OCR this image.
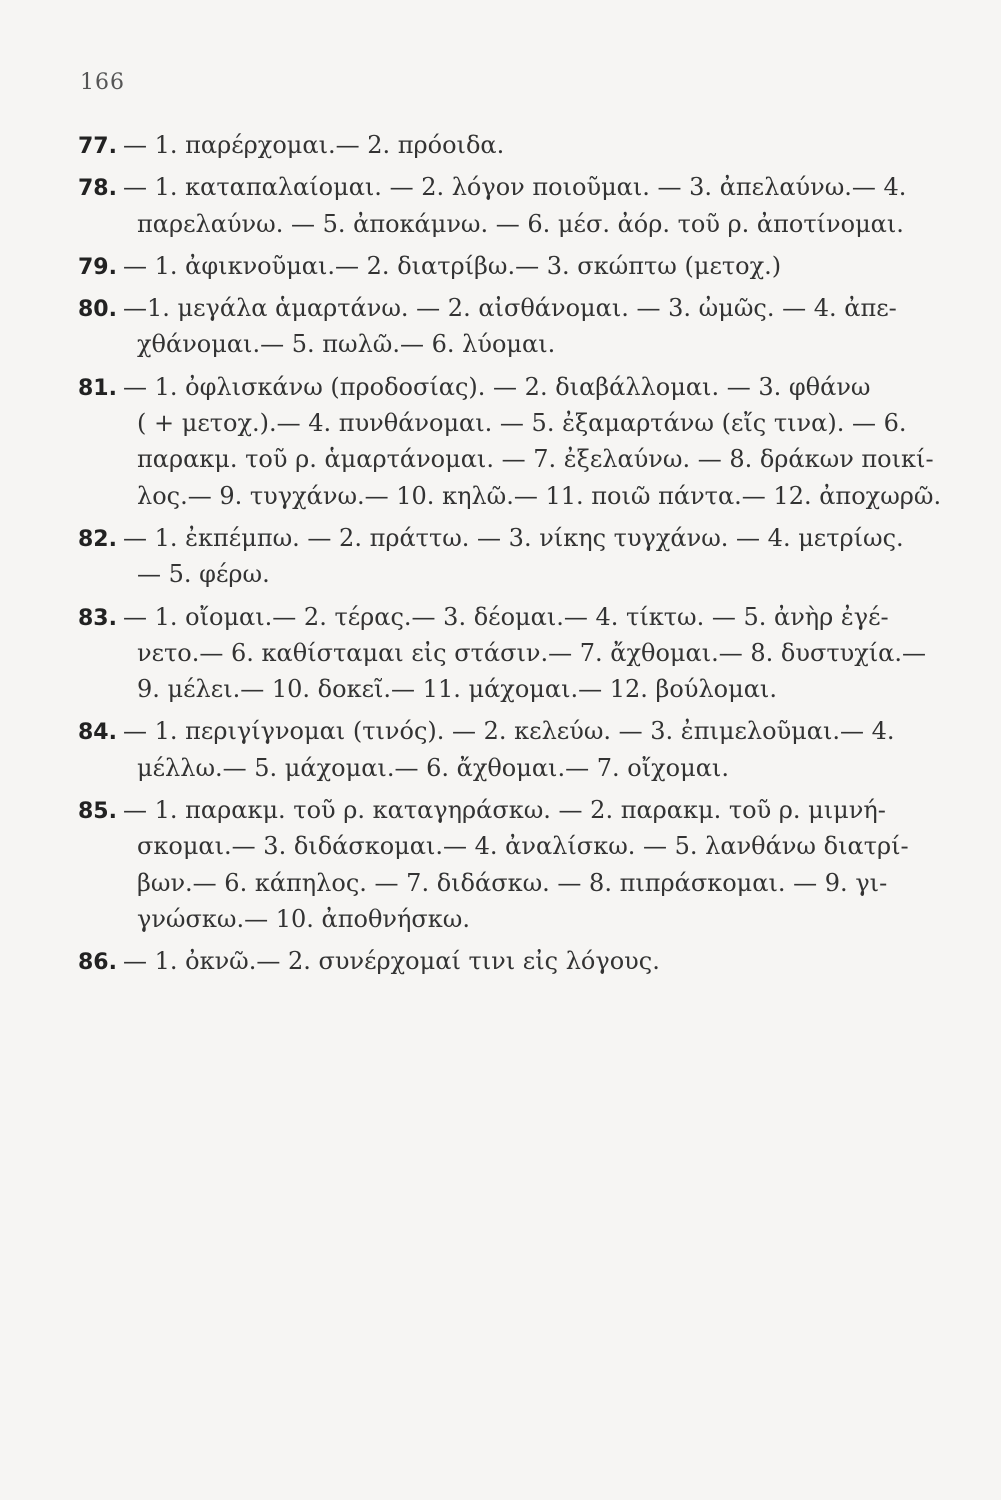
166
77. — 1. παρέρχομαι.— 2. πρόοιδα.
78. — 1. καταπαλαίομαι. — 2. λόγον ποιοῦμαι. — 3. ἀπελαύνω.— 4.
παρελαύνω. — 5. ἀποκάμνω. — 6. μέσ. ἀόρ. τοῦ ρ. ἀποτίνομαι.
79. — 1. ἀφικνοῦμαι.— 2. διατρίβω.— 3. σκώπτω (μετοχ.)
80. —1. μεγάλα ἁμαρτάνω. — 2. αἰσθάνομαι. — 3. ὠμῶς. — 4. ἀπε-
χθάνομαι.— 5. πωλῶ.— 6. λύομαι.
81. — 1. ὀφλισκάνω (προδοσίας). — 2. διαβάλλομαι. — 3. φθάνω
( + μετοχ.).— 4. πυνθάνομαι. — 5. ἐξαμαρτάνω (εἴς τινα). — 6.
παρακμ. τοῦ ρ. ἁμαρτάνομαι. — 7. ἐξελαύνω. — 8. δράκων ποικί-
λος.— 9. τυγχάνω.— 10. κηλῶ.— 11. ποιῶ πάντα.— 12. ἀποχωρῶ.
82. — 1. ἐκπέμπω. — 2. πράττω. — 3. νίκης τυγχάνω. — 4. μετρίως.
— 5. φέρω.
83. — 1. οἴομαι.— 2. τέρας.— 3. δέομαι.— 4. τίκτω. — 5. ἀνὴρ ἐγέ-
νετο.— 6. καθίσταμαι εἰς στάσιν.— 7. ἄχθομαι.— 8. δυστυχία.—
9. μέλει.— 10. δοκεῖ.— 11. μάχομαι.— 12. βούλομαι.
84. — 1. περιγίγνομαι (τινός). — 2. κελεύω. — 3. ἐπιμελοῦμαι.— 4.
μέλλω.— 5. μάχομαι.— 6. ἄχθομαι.— 7. οἴχομαι.
85. — 1. παρακμ. τοῦ ρ. καταγηράσκω. — 2. παρακμ. τοῦ ρ. μιμνή-
σκομαι.— 3. διδάσκομαι.— 4. ἀναλίσκω. — 5. λανθάνω διατρί-
βων.— 6. κάπηλος. — 7. διδάσκω. — 8. πιπράσκομαι. — 9. γι-
γνώσκω.— 10. ἀποθνήσκω.
86. — 1. ὀκνῶ.— 2. συνέρχομαί τινι εἰς λόγους.
